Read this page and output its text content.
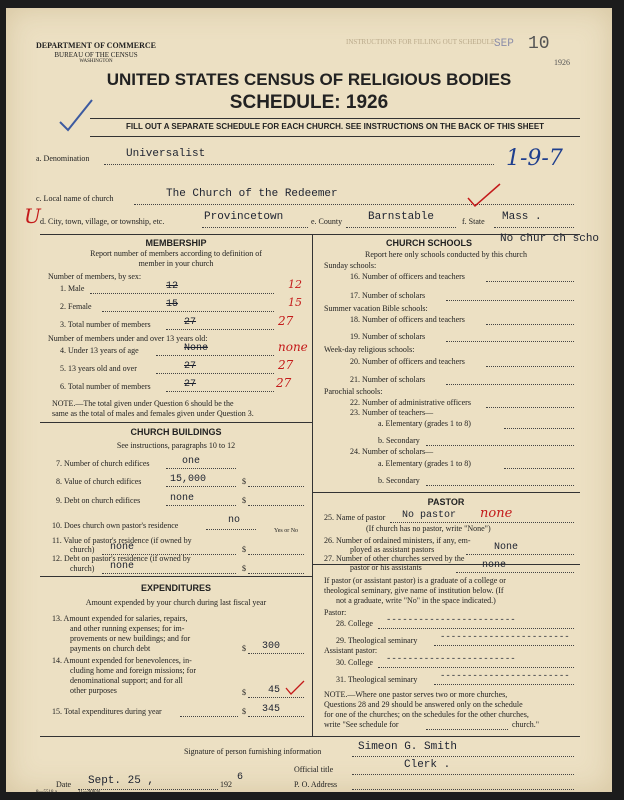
INSTRUCTIONS FOR FILLING OUT SCHEDULE
SEP 10
1926
DEPARTMENT OF COMMERCE
BUREAU OF THE CENSUS
WASHINGTON
UNITED STATES CENSUS OF RELIGIOUS BODIES
SCHEDULE: 1926
FILL OUT A SEPARATE SCHEDULE FOR EACH CHURCH. SEE INSTRUCTIONS ON THE BACK OF THIS SHEET
a. Denomination	Universalist	1-9-7
c. Local name of church	The Church of the Redeemer
U d. City, town, village, or township, etc.	Provincetown	e. County Barnstable	f. State Mass .
MEMBERSHIP
Report number of members according to definition of
member in your church
Number of members, by sex:
1. Male	12	12
2. Female	15	15
3. Total number of members	27	27
Number of members under and over 13 years old:
4. Under 13 years of age	None	none
5. 13 years old and over	27	27
6. Total number of members	27	27
NOTE.—The total given under Question 6 should be the
same as the total of males and females given under Question 3.
CHURCH BUILDINGS
See instructions, paragraphs 10 to 12
7. Number of church edifices	one
8. Value of church edifices	15,000	$
9. Debt on church edifices	none	$
10. Does church own pastor's residence	no
Yes or No
11. Value of pastor's residence (if owned by
church) none	$
12. Debt on pastor's residence (if owned by
church) none	$
EXPENDITURES
Amount expended by your church during last fiscal year
13. Amount expended for salaries, repairs,
and other running expenses; for im-
provements or new buildings; and for
payments on church debt	$ 300
14. Amount expended for benevolences, in-
cluding home and foreign missions; for
denominational support; and for all
other purposes	$ 45
15. Total expenditures during year	$ 345
CHURCH SCHOOLS	No chur ch scho
Report here only schools conducted by this church
Sunday schools:
16. Number of officers and teachers
17. Number of scholars
Summer vacation Bible schools:
18. Number of officers and teachers
19. Number of scholars
Week-day religious schools:
20. Number of officers and teachers
21. Number of scholars
Parochial schools:
22. Number of administrative officers
23. Number of teachers—
a. Elementary (grades 1 to 8)
b. Secondary
24. Number of scholars—
a. Elementary (grades 1 to 8)
b. Secondary
PASTOR
25. Name of pastor No pastor none
(If church has no pastor, write "None")
26. Number of ordained ministers, if any, em-
ployed as assistant pastors	None
27. Number of other churches served by the
pastor or his assistants	none
If pastor (or assistant pastor) is a graduate of a college or
theological seminary, give name of institution below. (If
not a graduate, write "No" in the space indicated.)
Pastor:
28. College ------------------------
29. Theological seminary	------------------------
Assistant pastor:
30. College ------------------------
31. Theological seminary	------------------------
NOTE.—Where one pastor serves two or more churches,
Questions 28 and 29 should be answered only on the schedule
for one of the churches; on the schedules for the other churches,
write "See schedule for	church."
Signature of person furnishing information	Simeon G. Smith
Official title	Clerk .
Date Sept. 25 ,	192
6
P. O. Address
8—5518 a	11—9084g
